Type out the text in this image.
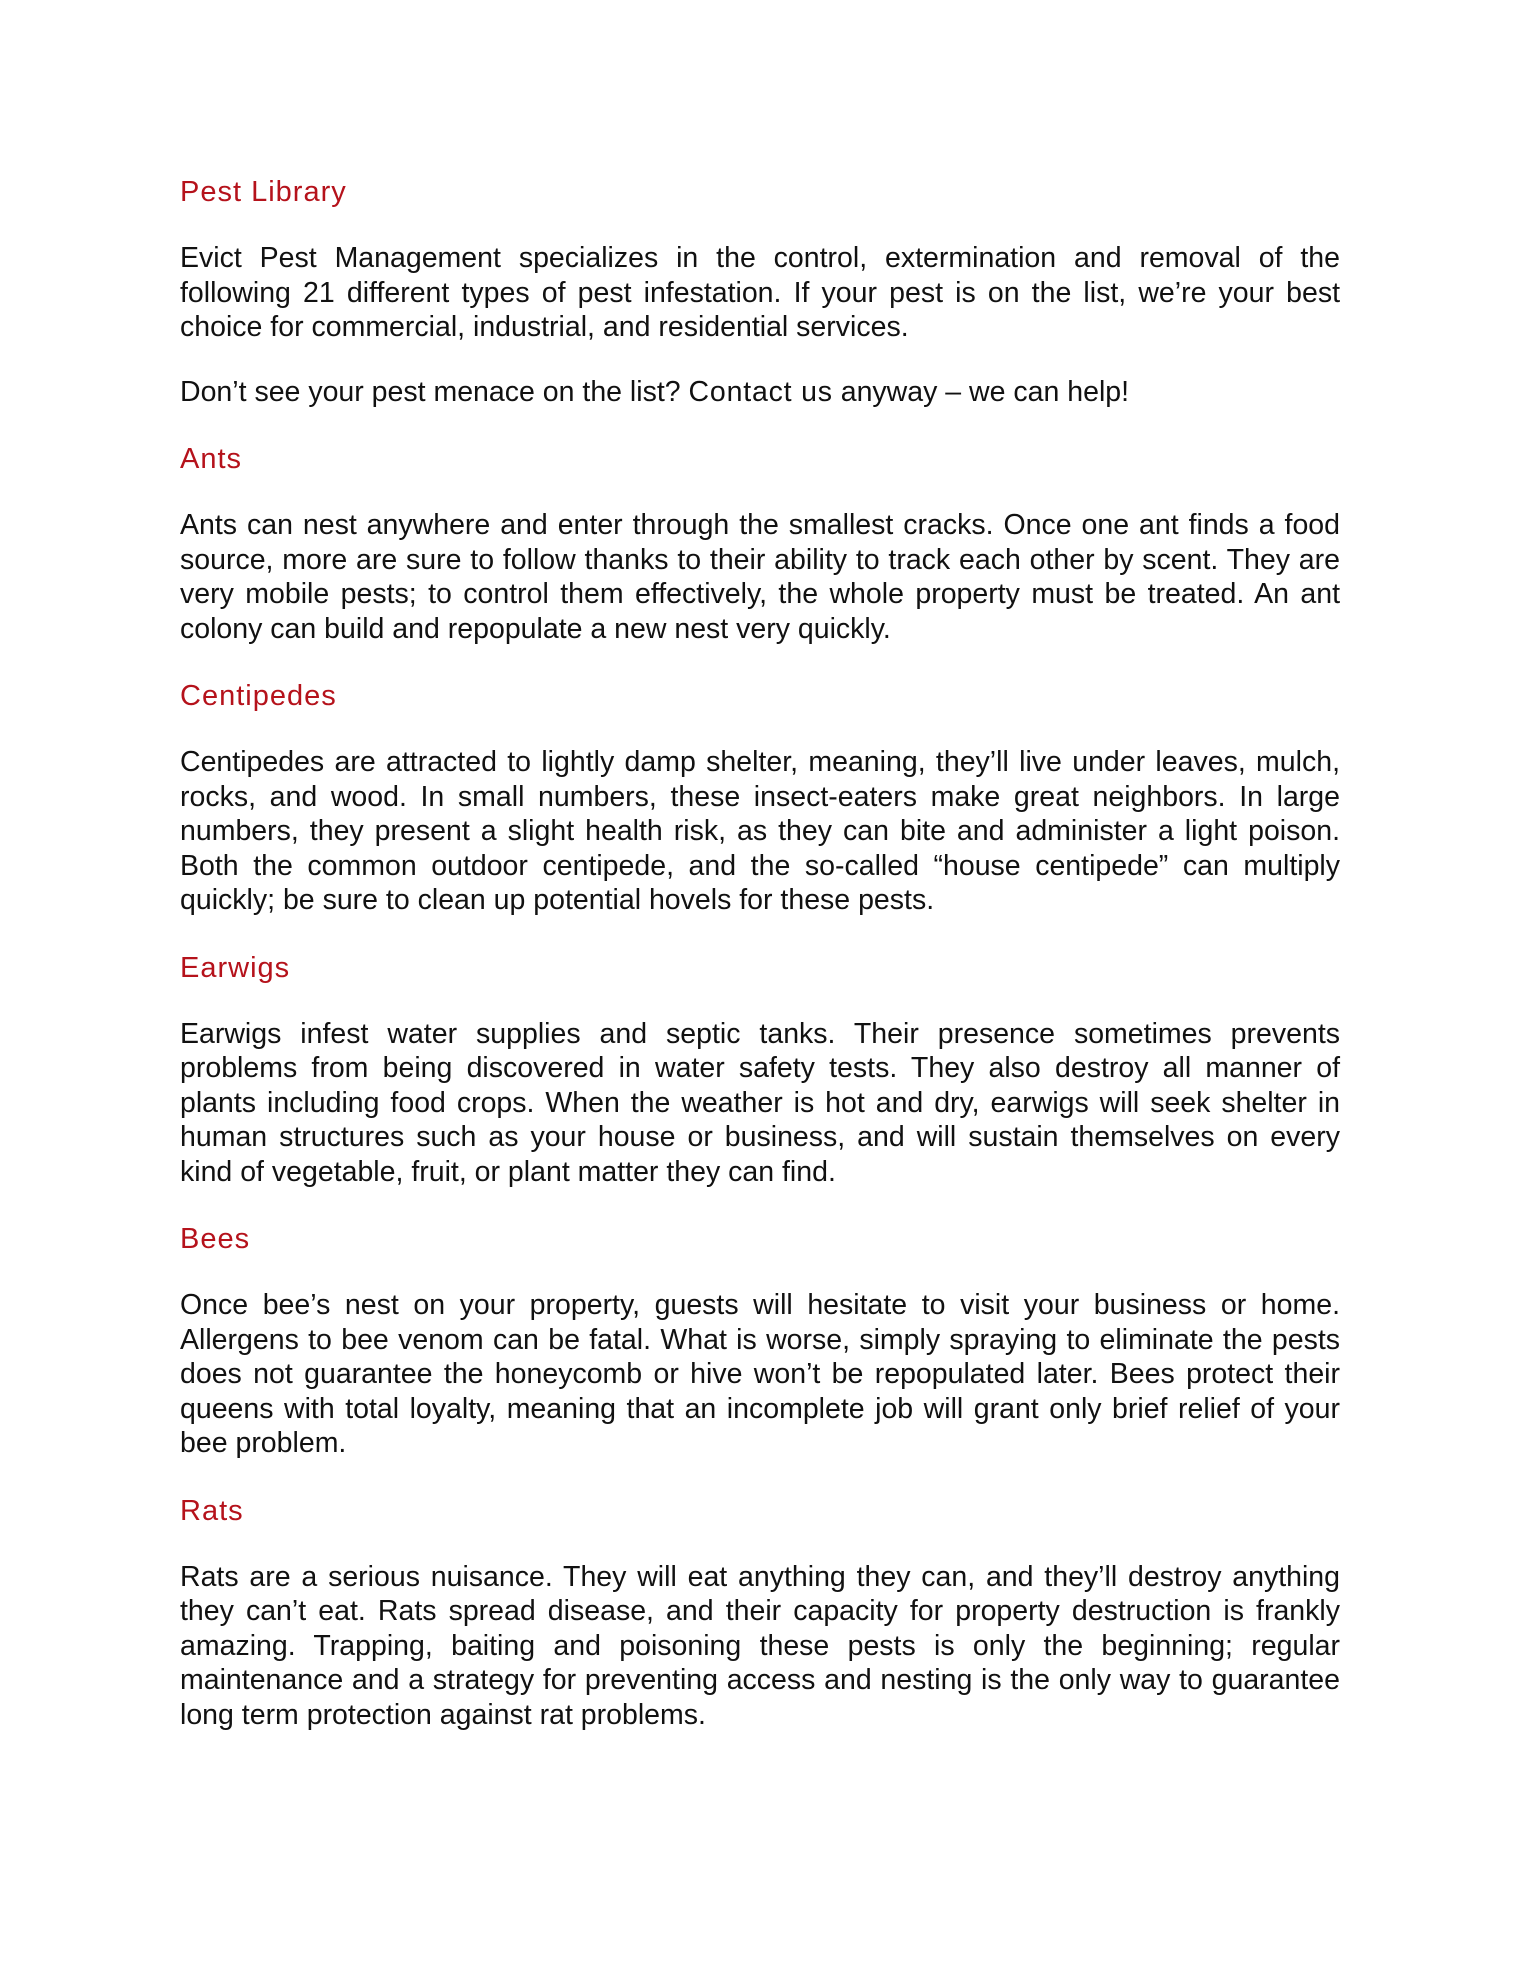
Pest Library

Evict Pest Management specializes in the control, extermination and removal of the following 21 different types of pest infestation. If your pest is on the list, we’re your best choice for commercial, industrial, and residential services.

Don’t see your pest menace on the list? Contact us anyway – we can help!

Ants

Ants can nest anywhere and enter through the smallest cracks. Once one ant finds a food source, more are sure to follow thanks to their ability to track each other by scent. They are very mobile pests; to control them effectively, the whole property must be treated. An ant colony can build and repopulate a new nest very quickly.

Centipedes

Centipedes are attracted to lightly damp shelter, meaning, they’ll live under leaves, mulch, rocks, and wood. In small numbers, these insect-eaters make great neighbors. In large numbers, they present a slight health risk, as they can bite and administer a light poison. Both the common outdoor centipede, and the so-called “house centipede” can multiply quickly; be sure to clean up potential hovels for these pests.

Earwigs

Earwigs infest water supplies and septic tanks. Their presence sometimes prevents problems from being discovered in water safety tests. They also destroy all manner of plants including food crops. When the weather is hot and dry, earwigs will seek shelter in human structures such as your house or business, and will sustain themselves on every kind of vegetable, fruit, or plant matter they can find.

Bees

Once bee’s nest on your property, guests will hesitate to visit your business or home. Allergens to bee venom can be fatal. What is worse, simply spraying to eliminate the pests does not guarantee the honeycomb or hive won’t be repopulated later. Bees protect their queens with total loyalty, meaning that an incomplete job will grant only brief relief of your bee problem.

Rats

Rats are a serious nuisance. They will eat anything they can, and they’ll destroy anything they can’t eat. Rats spread disease, and their capacity for property destruction is frankly amazing. Trapping, baiting and poisoning these pests is only the beginning; regular maintenance and a strategy for preventing access and nesting is the only way to guarantee long term protection against rat problems.
